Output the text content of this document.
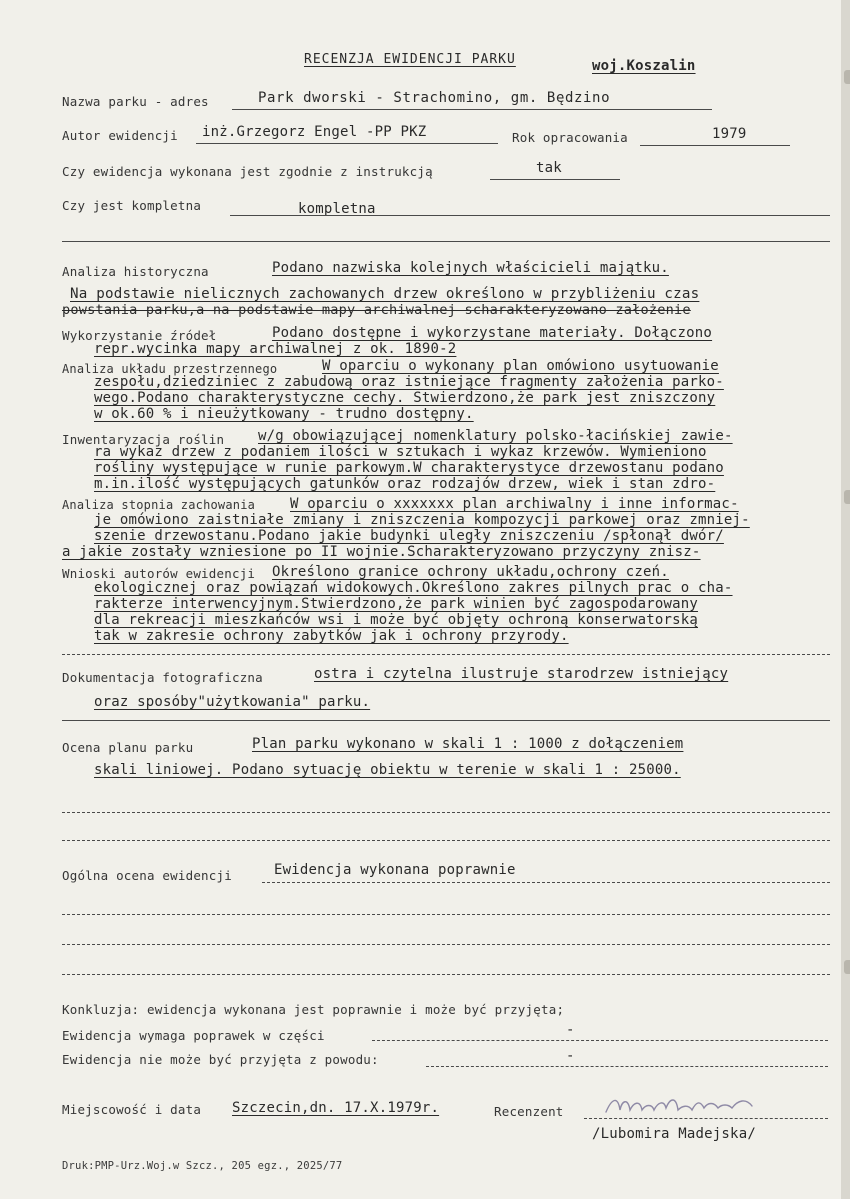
RECENZJA EWIDENCJI PARKU	woj.Koszalin
Nazwa parku - adres	Park dworski - Strachomino, gm. Będzino
Autor ewidencji inż.Grzegorz Engel -PP PKZ	Rok opracowania	1979
Czy ewidencja wykonana jest zgodnie z instrukcją	tak
Czy jest kompletna	kompletna
Analiza historyczna	Podano nazwiska kolejnych właścicieli majątku.
Na podstawie nielicznych zachowanych drzew określono w przybliżeniu czas
powstania parku,a na podstawie mapy archiwalnej scharakteryzowano założenie
Wykorzystanie źródeł	Podano dostępne i wykorzystane materiały. Dołączono
repr.wycinka mapy archiwalnej z ok. 1890-2
Analiza układu przestrzennego	W oparciu o wykonany plan omówiono usytuowanie
zespołu,dziedziniec z zabudową oraz istniejące fragmenty założenia parko-
wego.Podano charakterystyczne cechy. Stwierdzono,że park jest zniszczony
w ok.60 % i nieużytkowany - trudno dostępny.
Inwentaryzacja roślin w/g obowiązującej nomenklatury polsko-łacińskiej zawie-
ra wykaz drzew z podaniem ilości w sztukach i wykaz krzewów. Wymieniono
rośliny występujące w runie parkowym.W charakterystyce drzewostanu podano
m.in.ilość występujących gatunków oraz rodzajów drzew, wiek i stan zdro-
Analiza stopnia zachowania W oparciu o xxxxxxx plan archiwalny i inne informac-
je omówiono zaistniałe zmiany i zniszczenia kompozycji parkowej oraz zmniej-
szenie drzewostanu.Podano jakie budynki uległy zniszczeniu /spłonął dwór/
a jakie zostały wzniesione po II wojnie.Scharakteryzowano przyczyny znisz-
Wnioski autorów ewidencji Określono granice ochrony układu,ochrony czeń.
ekologicznej oraz powiązań widokowych.Określono zakres pilnych prac o cha-
rakterze interwencyjnym.Stwierdzono,że park winien być zagospodarowany
dla rekreacji mieszkańców wsi i może być objęty ochroną konserwatorską
tak w zakresie ochrony zabytków jak i ochrony przyrody.
Dokumentacja fotograficzna	ostra i czytelna ilustruje starodrzew istniejący
oraz sposóby"użytkowania" parku.
Ocena planu parku	Plan parku wykonano w skali 1 : 1000 z dołączeniem
skali liniowej. Podano sytuację obiektu w terenie w skali 1 : 25000.
Ogólna ocena ewidencji	Ewidencja wykonana poprawnie
Konkluzja: ewidencja wykonana jest poprawnie i może być przyjęta;
Ewidencja wymaga poprawek w części	-
Ewidencja nie może być przyjęta z powodu:	-
Miejscowość i data Szczecin,dn. 17.X.1979r.	Recenzent
/Lubomira Madejska/
Druk:PMP-Urz.Woj.w Szcz., 205 egz., 2025/77
